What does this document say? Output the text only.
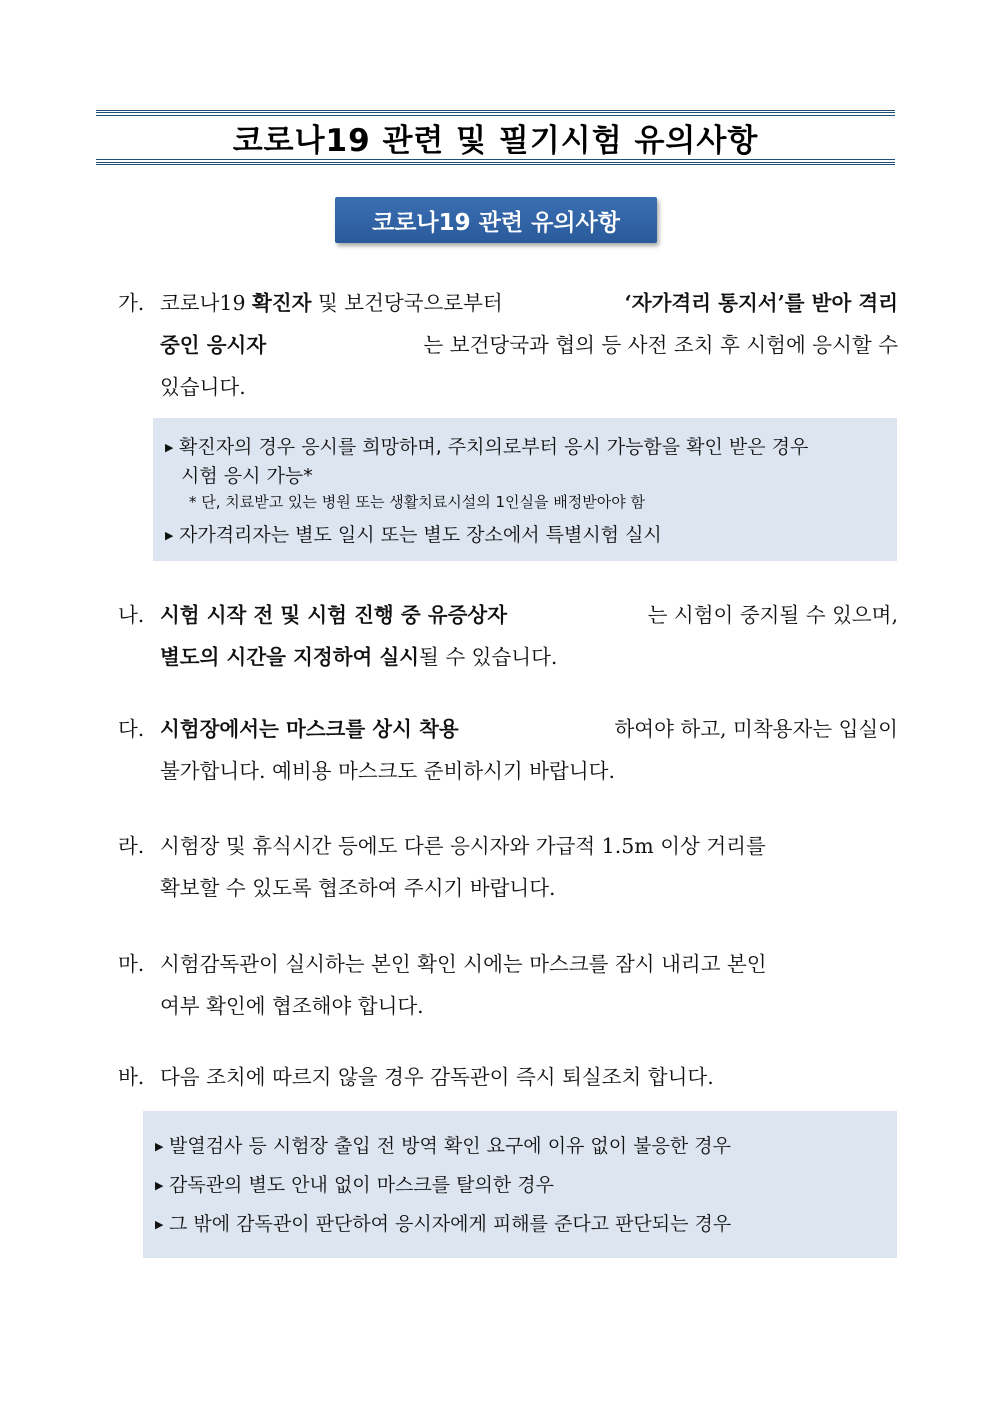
코로나19 관련 및 필기시험 유의사항
코로나19 관련 유의사항
가. 코로나19 확진자 및 보건당국으로부터	‘자가격리 통지서’를 받아 격리
중인 응시자	는 보건당국과 협의 등 사전 조치 후 시험에 응시할 수
있습니다.
▶ 확진자의 경우 응시를 희망하며, 주치의로부터 응시 가능함을 확인 받은 경우
시험 응시 가능*
* 단, 치료받고 있는 병원 또는 생활치료시설의 1인실을 배정받아야 함
▶ 자가격리자는 별도 일시 또는 별도 장소에서 특별시험 실시
나. 시험 시작 전 및 시험 진행 중 유증상자	는 시험이 중지될 수 있으며,
별도의 시간을 지정하여 실시 될 수 있습니다.
다. 시험장에서는 마스크를 상시 착용	하여야 하고, 미착용자는 입실이
불가합니다. 예비용 마스크도 준비하시기 바랍니다.
라. 시험장 및 휴식시간 등에도 다른 응시자와 가급적 1.5m 이상 거리를
확보할 수 있도록 협조하여 주시기 바랍니다.
마. 시험감독관이 실시하는 본인 확인 시에는 마스크를 잠시 내리고 본인
여부 확인에 협조해야 합니다.
바. 다음 조치에 따르지 않을 경우 감독관이 즉시 퇴실조치 합니다.
▶ 발열검사 등 시험장 출입 전 방역 확인 요구에 이유 없이 불응한 경우
▶ 감독관의 별도 안내 없이 마스크를 탈의한 경우
▶ 그 밖에 감독관이 판단하여 응시자에게 피해를 준다고 판단되는 경우
